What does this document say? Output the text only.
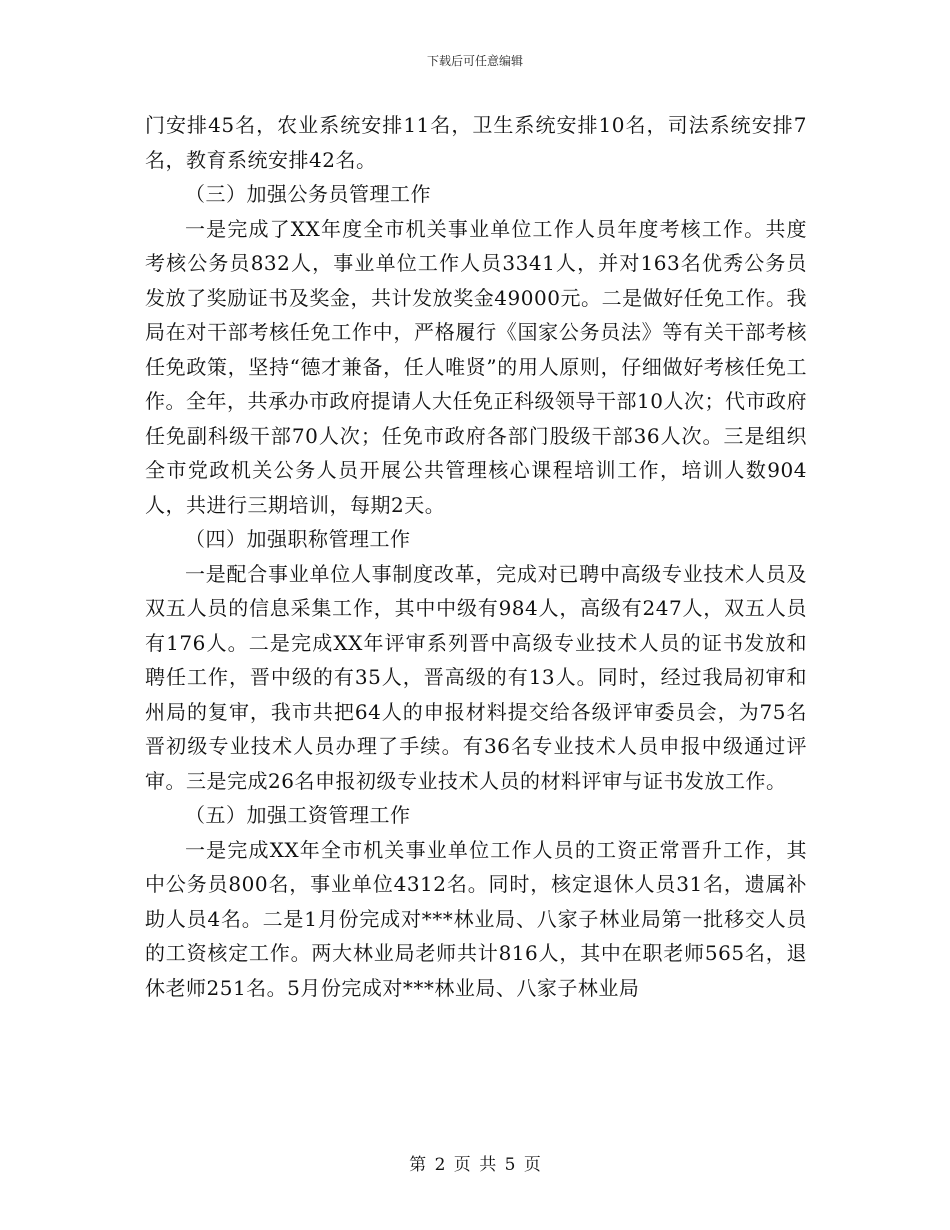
下载后可任意编辑

门安排45名，农业系统安排11名，卫生系统安排10名，司法系统安排7名，教育系统安排42名。

（三）加强公务员管理工作

一是完成了XX年度全市机关事业单位工作人员年度考核工作。共度考核公务员832人，事业单位工作人员3341人，并对163名优秀公务员发放了奖励证书及奖金，共计发放奖金49000元。二是做好任免工作。我局在对干部考核任免工作中，严格履行《国家公务员法》等有关干部考核任免政策，坚持“德才兼备，任人唯贤”的用人原则，仔细做好考核任免工作。全年，共承办市政府提请人大任免正科级领导干部10人次；代市政府任免副科级干部70人次；任免市政府各部门股级干部36人次。三是组织全市党政机关公务人员开展公共管理核心课程培训工作，培训人数904人，共进行三期培训，每期2天。

（四）加强职称管理工作

一是配合事业单位人事制度改革，完成对已聘中高级专业技术人员及双五人员的信息采集工作，其中中级有984人，高级有247人，双五人员有176人。二是完成XX年评审系列晋中高级专业技术人员的证书发放和聘任工作，晋中级的有35人，晋高级的有13人。同时，经过我局初审和州局的复审，我市共把64人的申报材料提交给各级评审委员会，为75名晋初级专业技术人员办理了手续。有36名专业技术人员申报中级通过评审。三是完成26名申报初级专业技术人员的材料评审与证书发放工作。

（五）加强工资管理工作

一是完成XX年全市机关事业单位工作人员的工资正常晋升工作，其中公务员800名，事业单位4312名。同时，核定退休人员31名，遗属补助人员4名。二是1月份完成对***林业局、八家子林业局第一批移交人员的工资核定工作。两大林业局老师共计816人，其中在职老师565名，退休老师251名。5月份完成对***林业局、八家子林业局

第 2 页 共 5 页
